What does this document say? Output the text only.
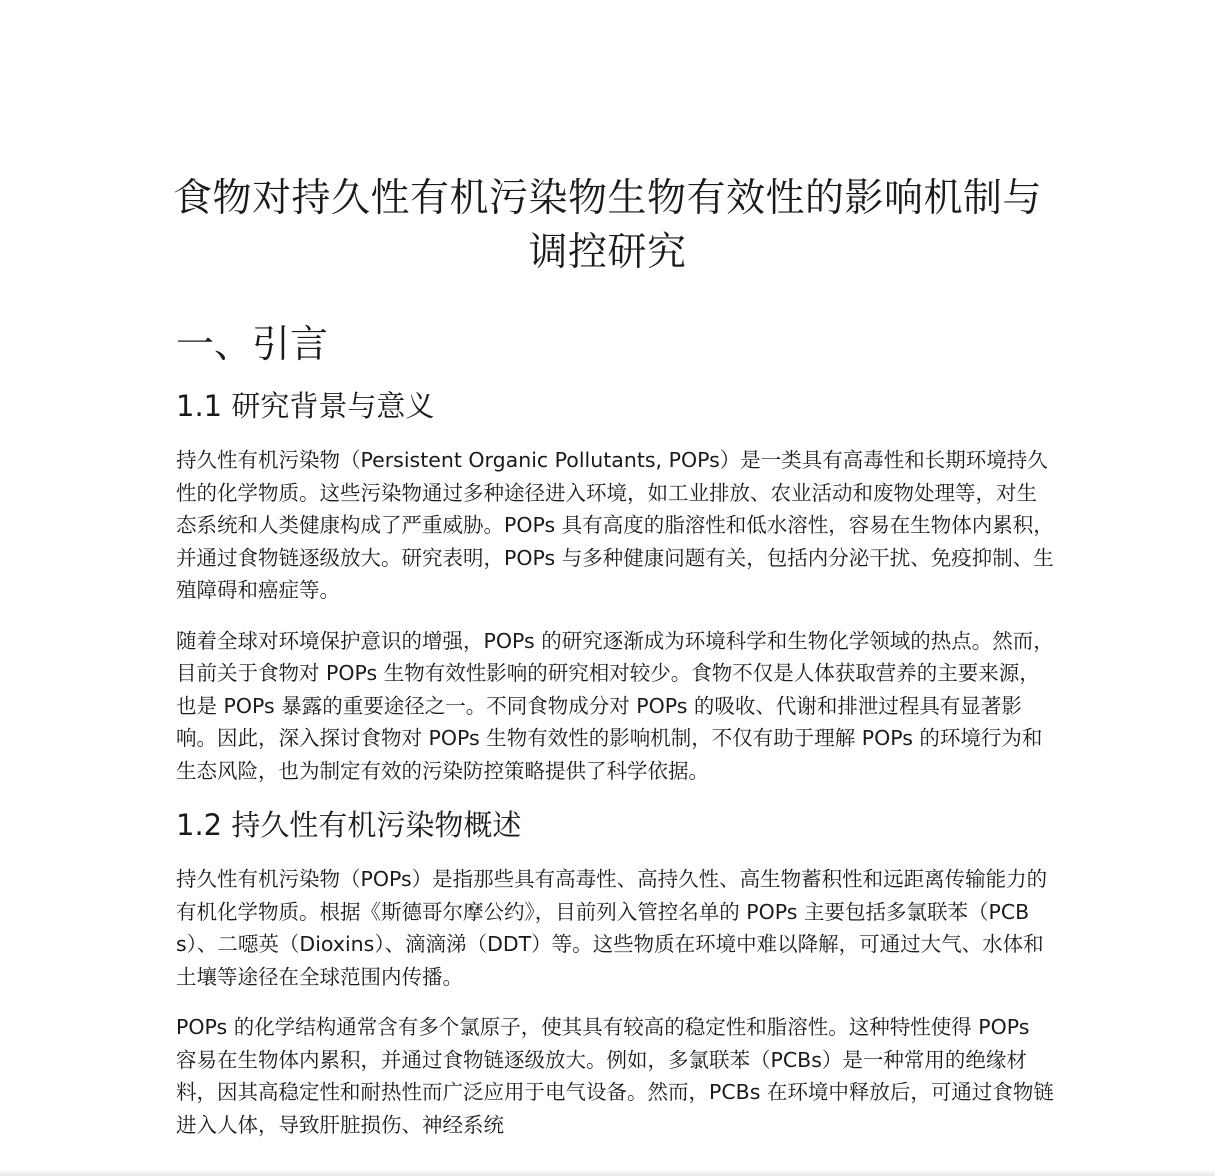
食物对持久性有机污染物生物有效性的影响机制与调控研究
一、引言
1.1 研究背景与意义

持久性有机污染物（Persistent Organic Pollutants, POPs）是一类具有高毒性和长期环境持久性的化学物质。这些污染物通过多种途径进入环境，如工业排放、农业活动和废物处理等，对生态系统和人类健康构成了严重威胁。POPs 具有高度的脂溶性和低水溶性，容易在生物体内累积，并通过食物链逐级放大。研究表明，POPs 与多种健康问题有关，包括内分泌干扰、免疫抑制、生殖障碍和癌症等。

随着全球对环境保护意识的增强，POPs 的研究逐渐成为环境科学和生物化学领域的热点。然而，目前关于食物对 POPs 生物有效性影响的研究相对较少。食物不仅是人体获取营养的主要来源，也是 POPs 暴露的重要途径之一。不同食物成分对 POPs 的吸收、代谢和排泄过程具有显著影响。因此，深入探讨食物对 POPs 生物有效性的影响机制，不仅有助于理解 POPs 的环境行为和生态风险，也为制定有效的污染防控策略提供了科学依据。

1.2 持久性有机污染物概述

持久性有机污染物（POPs）是指那些具有高毒性、高持久性、高生物蓄积性和远距离传输能力的有机化学物质。根据《斯德哥尔摩公约》，目前列入管控名单的 POPs 主要包括多氯联苯（PCBs）、二噁英（Dioxins）、滴滴涕（DDT）等。这些物质在环境中难以降解，可通过大气、水体和土壤等途径在全球范围内传播。

POPs 的化学结构通常含有多个氯原子，使其具有较高的稳定性和脂溶性。这种特性使得 POPs 容易在生物体内累积，并通过食物链逐级放大。例如，多氯联苯（PCBs）是一种常用的绝缘材料，因其高稳定性和耐热性而广泛应用于电气设备。然而，PCBs 在环境中释放后，可通过食物链进入人体，导致肝脏损伤、神经系统
